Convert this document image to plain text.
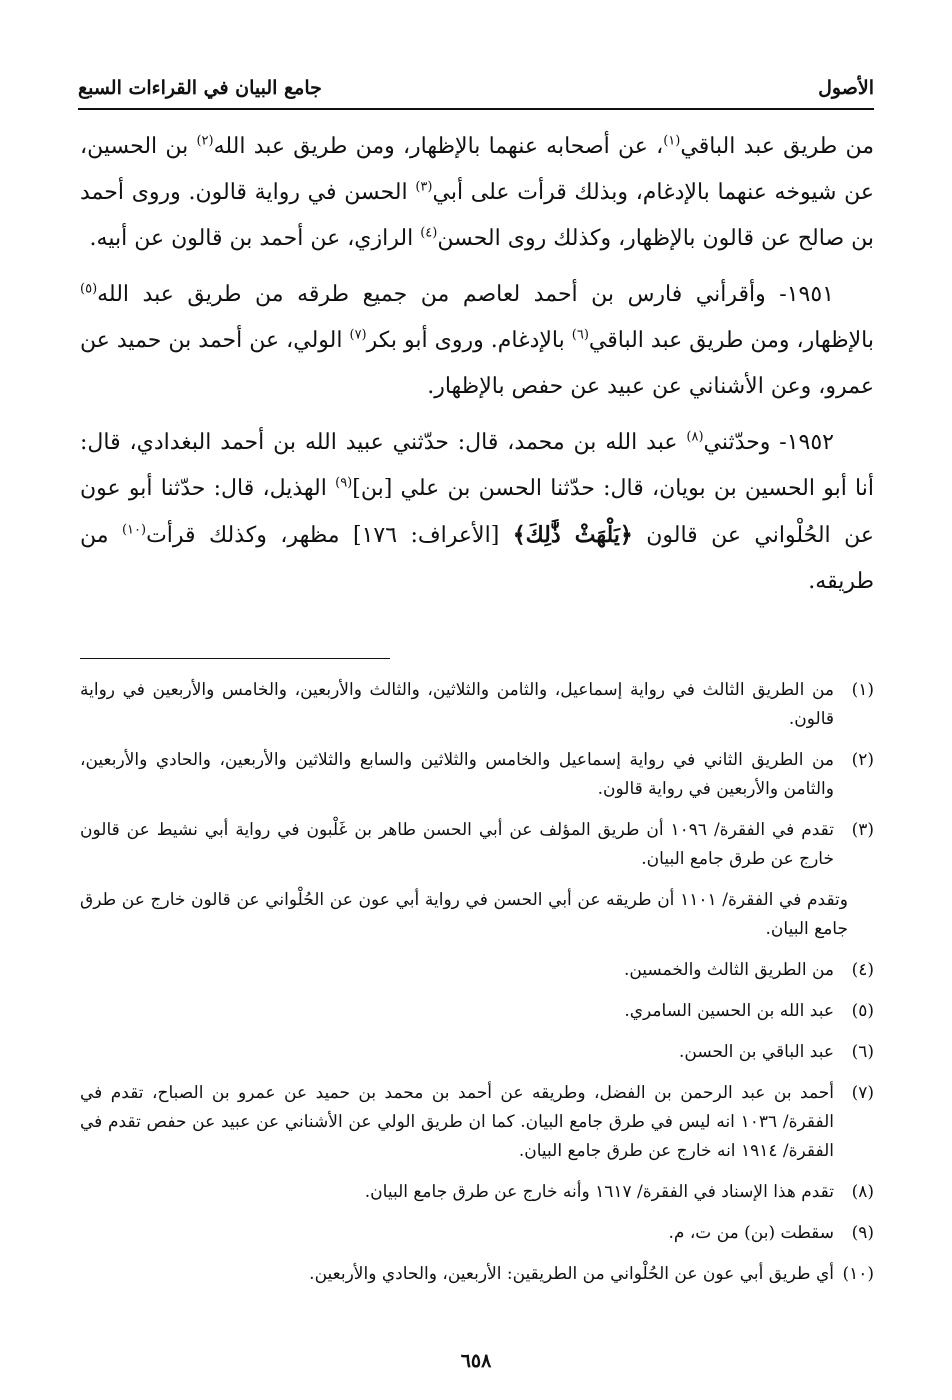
الأصول
جامع البيان في القراءات السبع

من طريق عبد الباقي$^{(١)}$، عن أصحابه عنهما بالإظهار، ومن طريق عبد الله$^{(٢)}$ بن الحسين، عن شيوخه عنهما بالإدغام، وبذلك قرأت على أبي$^{(٣)}$ الحسن في رواية قالون. وروى أحمد بن صالح عن قالون بالإظهار، وكذلك روى الحسن$^{(٤)}$ الرازي، عن أحمد بن قالون عن أبيه.

١٩٥١- وأقرأني فارس بن أحمد لعاصم من جميع طرقه من طريق عبد الله$^{(٥)}$ بالإظهار، ومن طريق عبد الباقي$^{(٦)}$ بالإدغام. وروى أبو بكر$^{(٧)}$ الولي، عن أحمد بن حميد عن عمرو، وعن الأشناني عن عبيد عن حفص بالإظهار.

١٩٥٢- وحدّثني$^{(٨)}$ عبد الله بن محمد، قال: حدّثني عبيد الله بن أحمد البغدادي، قال: أنا أبو الحسين بن بويان، قال: حدّثنا الحسن بن علي [بن]$^{(٩)}$ الهذيل، قال: حدّثنا أبو عون عن الحُلْواني عن قالون ﴿يَلْهَثْ ذَّٰلِكَ﴾ [الأعراف: ١٧٦] مظهر، وكذلك قرأت$^{(١٠)}$ من طريقه.

(١)
من الطريق الثالث في رواية إسماعيل، والثامن والثلاثين، والثالث والأربعين، والخامس والأربعين في رواية قالون.
(٢)
من الطريق الثاني في رواية إسماعيل والخامس والثلاثين والسابع والثلاثين والأربعين، والحادي والأربعين، والثامن والأربعين في رواية قالون.
(٣)
تقدم في الفقرة/ ١٠٩٦ أن طريق المؤلف عن أبي الحسن طاهر بن غَلْبون في رواية أبي نشيط عن قالون خارج عن طرق جامع البيان.
وتقدم في الفقرة/ ١١٠١ أن طريقه عن أبي الحسن في رواية أبي عون عن الحُلْواني عن قالون خارج عن طرق جامع البيان.
(٤)
من الطريق الثالث والخمسين.
(٥)
عبد الله بن الحسين السامري.
(٦)
عبد الباقي بن الحسن.
(٧)
أحمد بن عبد الرحمن بن الفضل، وطريقه عن أحمد بن محمد بن حميد عن عمرو بن الصباح، تقدم في الفقرة/ ١٠٣٦ انه ليس في طرق جامع البيان. كما ان طريق الولي عن الأشناني عن عبيد عن حفص تقدم في الفقرة/ ١٩١٤ انه خارج عن طرق جامع البيان.
(٨)
تقدم هذا الإسناد في الفقرة/ ١٦١٧ وأنه خارج عن طرق جامع البيان.
(٩)
سقطت (بن) من ت، م.
(١٠)
أي طريق أبي عون عن الحُلْواني من الطريقين: الأربعين، والحادي والأربعين.
٦٥٨
